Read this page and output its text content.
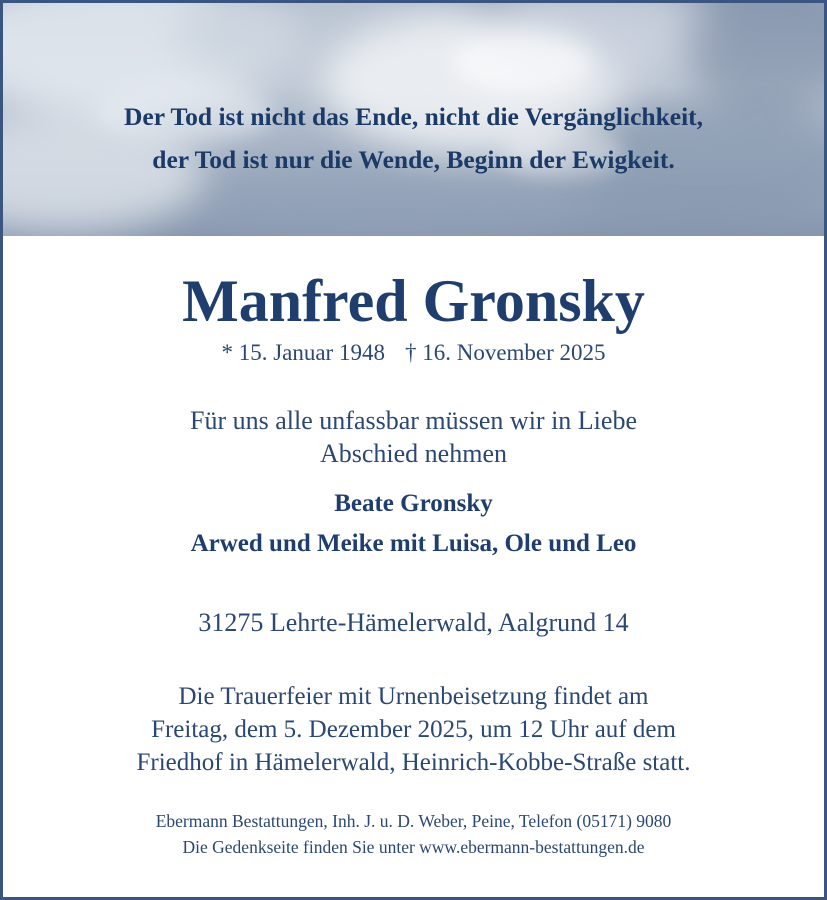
Der Tod ist nicht das Ende, nicht die Vergänglichkeit,
der Tod ist nur die Wende, Beginn der Ewigkeit.
Manfred Gronsky
* 15. Januar 1948 † 16. November 2025
Für uns alle unfassbar müssen wir in Liebe
Abschied nehmen
Beate Gronsky
Arwed und Meike mit Luisa, Ole und Leo
31275 Lehrte-Hämelerwald, Aalgrund 14
Die Trauerfeier mit Urnenbeisetzung findet am
Freitag, dem 5. Dezember 2025, um 12 Uhr auf dem
Friedhof in Hämelerwald, Heinrich-Kobbe-Straße statt.
Ebermann Bestattungen, Inh. J. u. D. Weber, Peine, Telefon (05171) 9080
Die Gedenkseite finden Sie unter www.ebermann-bestattungen.de
